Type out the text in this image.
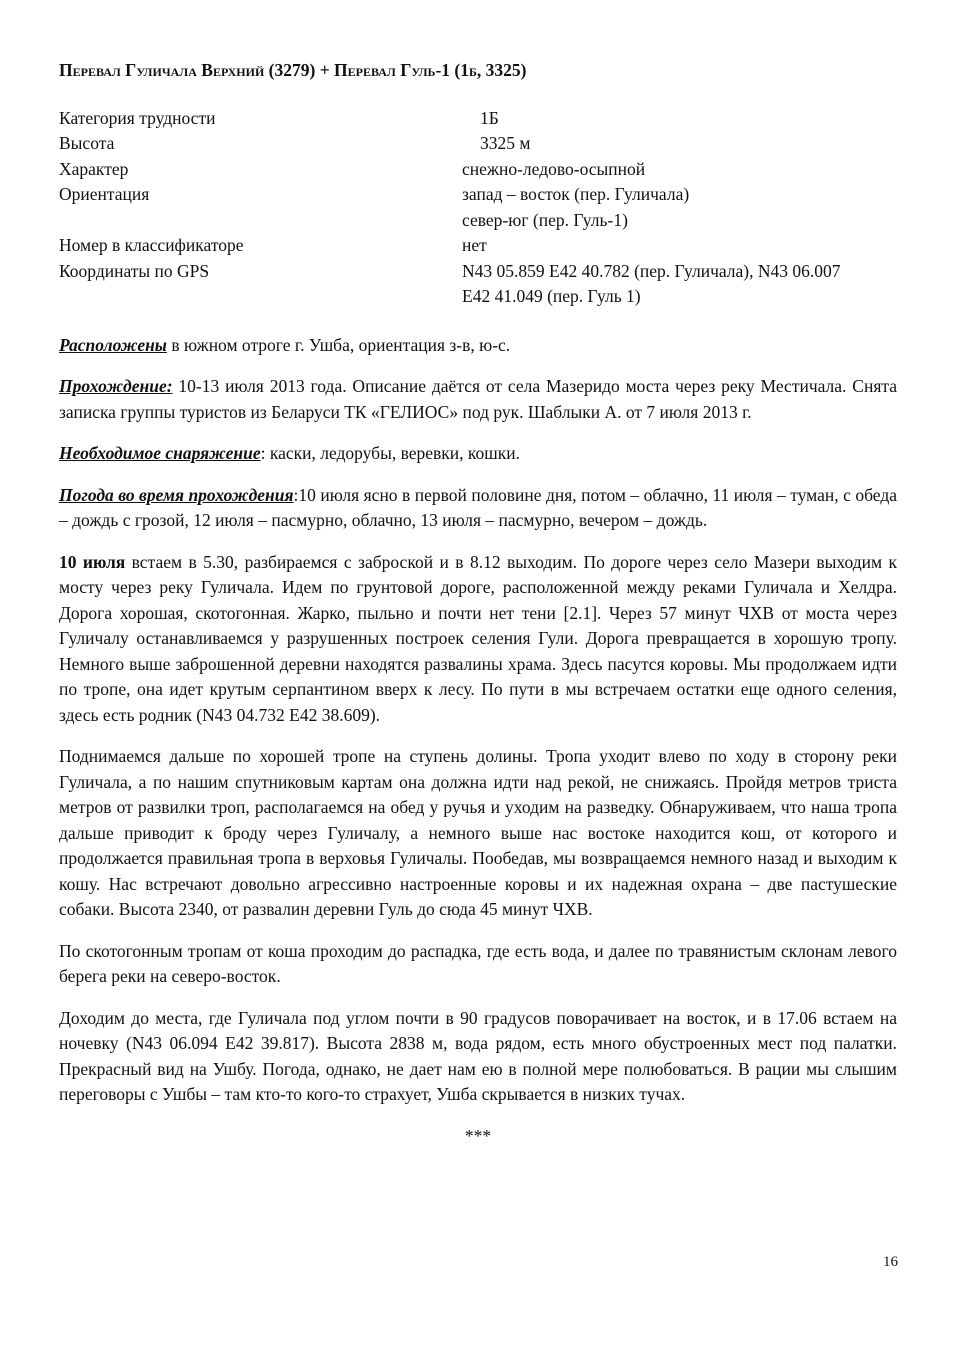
Перевал Гуличала Верхний (3279) + Перевал Гуль-1 (1б, 3325)
Категория трудности	1Б
Высота	3325 м
Характер	снежно-ледово-осыпной
Ориентация	запад – восток (пер. Гуличала)
север-юг (пер. Гуль-1)
Номер в классификаторе	нет
Координаты по GPS	N43 05.859 E42 40.782 (пер. Гуличала), N43 06.007
E42 41.049 (пер. Гуль 1)

Расположены в южном отроге г. Ушба, ориентация з-в, ю-с.

Прохождение: 10-13 июля 2013 года. Описание даётся от села Мазеридо моста через реку Местичала. Снята записка группы туристов из Беларуси ТК «ГЕЛИОС» под рук. Шаблыки А. от 7 июля 2013 г.

Необходимое снаряжение: каски, ледорубы, веревки, кошки.

Погода во время прохождения:10 июля ясно в первой половине дня, потом – облачно, 11 июля – туман, с обеда – дождь с грозой, 12 июля – пасмурно, облачно, 13 июля – пасмурно, вечером – дождь.

10 июля встаем в 5.30, разбираемся с заброской и в 8.12 выходим. По дороге через село Мазери выходим к мосту через реку Гуличала. Идем по грунтовой дороге, расположенной между реками Гуличала и Хелдра. Дорога хорошая, скотогонная. Жарко, пыльно и почти нет тени [2.1]. Через 57 минут ЧХВ от моста через Гуличалу останавливаемся у разрушенных построек селения Гули. Дорога превращается в хорошую тропу. Немного выше заброшенной деревни находятся развалины храма. Здесь пасутся коровы. Мы продолжаем идти по тропе, она идет крутым серпантином вверх к лесу. По пути в мы встречаем остатки еще одного селения, здесь есть родник (N43 04.732 E42 38.609).

Поднимаемся дальше по хорошей тропе на ступень долины. Тропа уходит влево по ходу в сторону реки Гуличала, а по нашим спутниковым картам она должна идти над рекой, не снижаясь. Пройдя метров триста метров от развилки троп, располагаемся на обед у ручья и уходим на разведку. Обнаруживаем, что наша тропа дальше приводит к броду через Гуличалу, а немного выше нас востоке находится кош, от которого и продолжается правильная тропа в верховья Гуличалы. Пообедав, мы возвращаемся немного назад и выходим к кошу. Нас встречают довольно агрессивно настроенные коровы и их надежная охрана – две пастушеские собаки. Высота 2340, от развалин деревни Гуль до сюда 45 минут ЧХВ.

По скотогонным тропам от коша проходим до распадка, где есть вода, и далее по травянистым склонам левого берега реки на северо-восток.

Доходим до места, где Гуличала под углом почти в 90 градусов поворачивает на восток, и в 17.06 встаем на ночевку (N43 06.094 E42 39.817). Высота 2838 м, вода рядом, есть много обустроенных мест под палатки. Прекрасный вид на Ушбу. Погода, однако, не дает нам ею в полной мере полюбоваться. В рации мы слышим переговоры с Ушбы – там кто-то кого-то страхует, Ушба скрывается в низких тучах.

***
16
